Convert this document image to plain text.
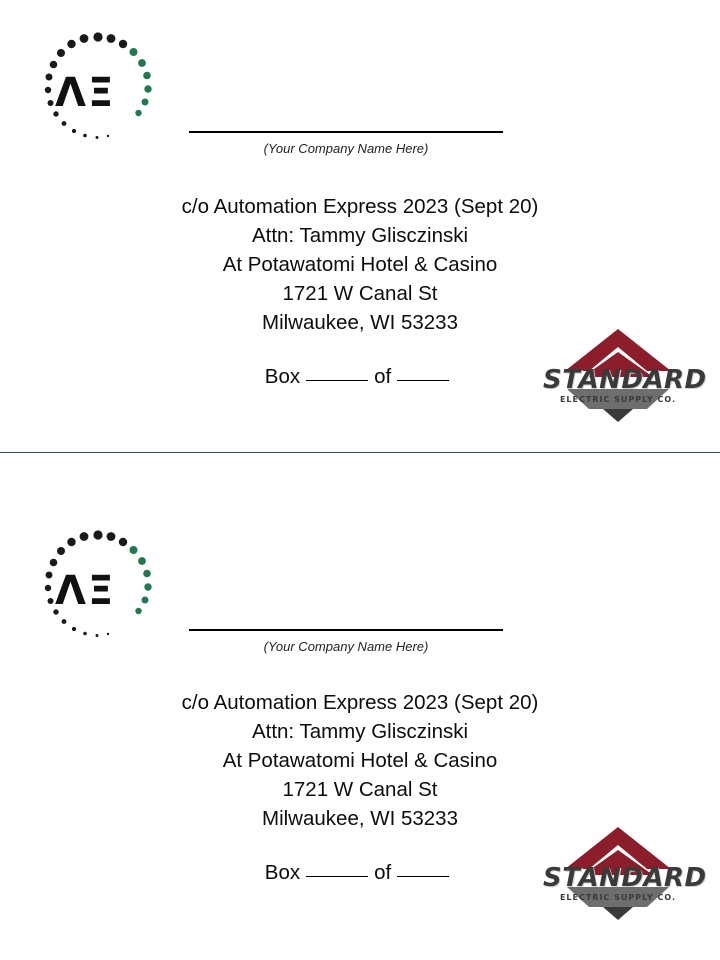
ΛΞ
(Your Company Name Here)
c/o Automation Express 2023 (Sept 20)
Attn: Tammy Glisczinski
At Potawatomi Hotel & Casino
1721 W Canal St
Milwaukee, WI 53233
Box	of	STANDARD
ELECTRIC SUPPLY CO.
ΛΞ
(Your Company Name Here)
c/o Automation Express 2023 (Sept 20)
Attn: Tammy Glisczinski
At Potawatomi Hotel & Casino
1721 W Canal St
Milwaukee, WI 53233
Box	of	STANDARD
ELECTRIC SUPPLY CO.
